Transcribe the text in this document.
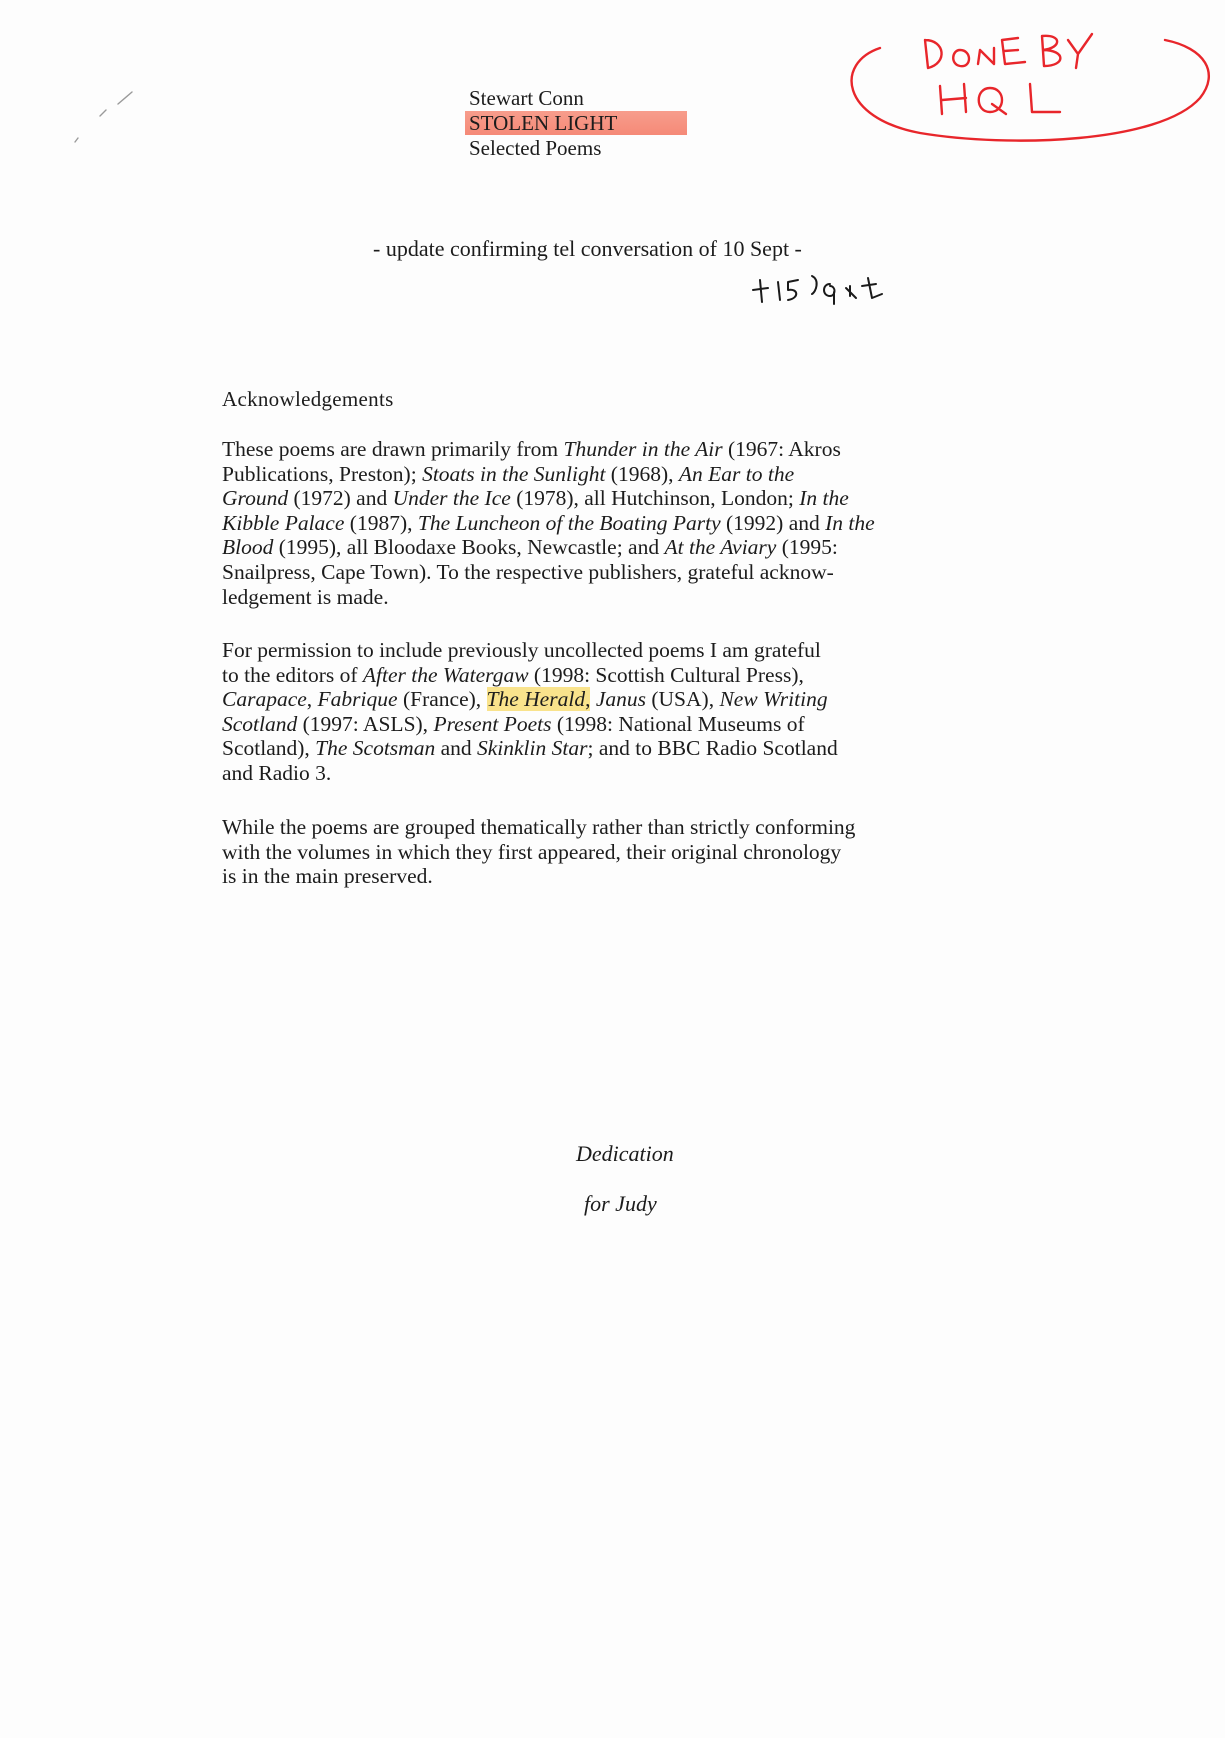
Stewart Conn
STOLEN LIGHT
Selected Poems
- update confirming tel conversation of 10 Sept -
Acknowledgements
These poems are drawn primarily from Thunder in the Air (1967: Akros
Publications, Preston); Stoats in the Sunlight (1968), An Ear to the
Ground (1972) and Under the Ice (1978), all Hutchinson, London; In the
Kibble Palace (1987), The Luncheon of the Boating Party (1992) and In the
Blood (1995), all Bloodaxe Books, Newcastle; and At the Aviary (1995:
Snailpress, Cape Town). To the respective publishers, grateful acknow-
ledgement is made.
For permission to include previously uncollected poems I am grateful
to the editors of After the Watergaw (1998: Scottish Cultural Press),
Carapace, Fabrique (France), The Herald, Janus (USA), New Writing
Scotland (1997: ASLS), Present Poets (1998: National Museums of
Scotland), The Scotsman and Skinklin Star; and to BBC Radio Scotland
and Radio 3.
While the poems are grouped thematically rather than strictly conforming
with the volumes in which they first appeared, their original chronology
is in the main preserved.
Dedication
for Judy
